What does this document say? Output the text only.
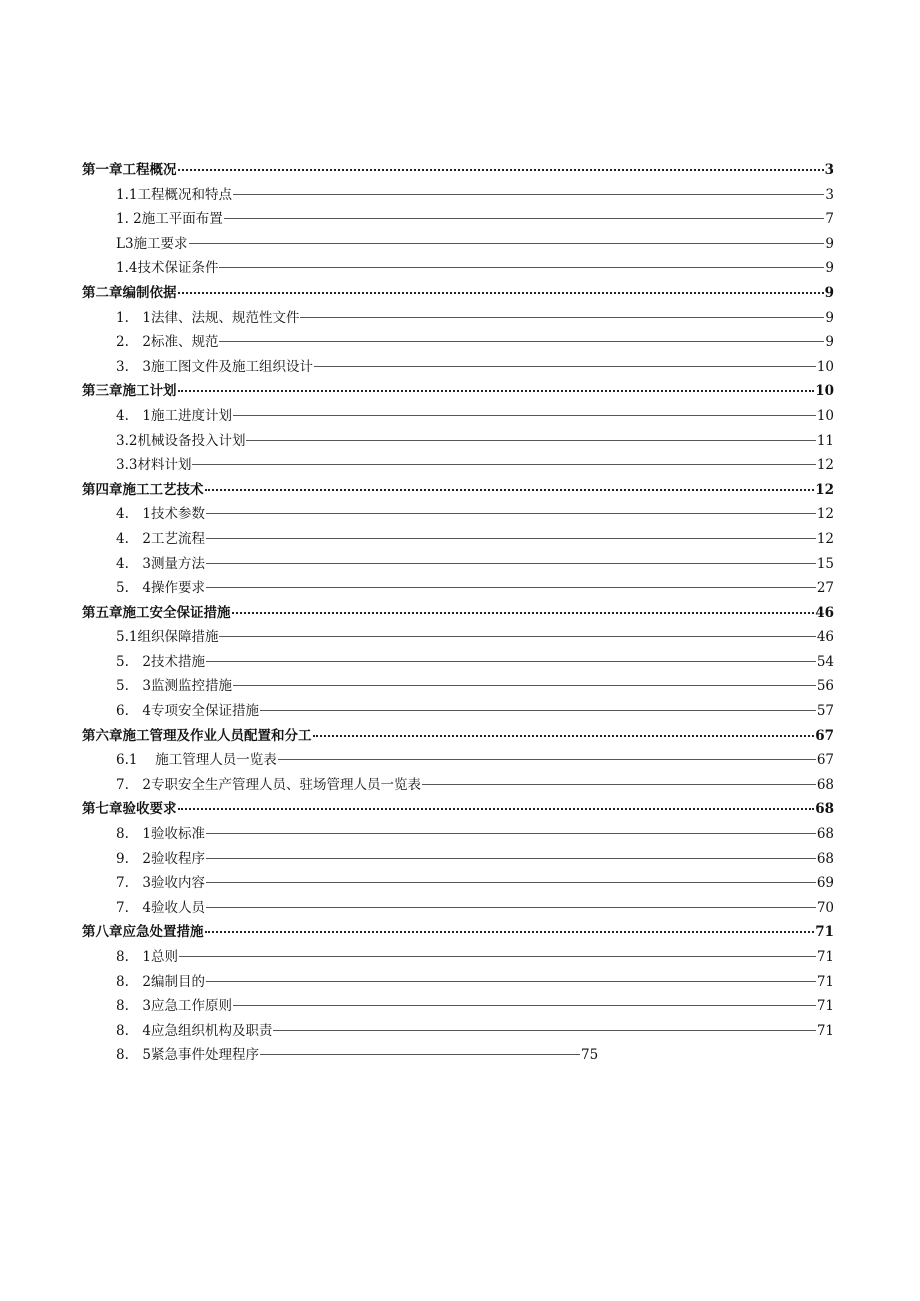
第一章工程概况	3
1.1工程概况和特点	3
1. 2施工平面布置	7
L3施工要求	9
1.4技术保证条件	9
第二章编制依据	9
1.　1法律、法规、规范性文件	9
2.　2标准、规范	9
3.　3施工图文件及施工组织设计	10
第三章施工计划	10
4.　1施工进度计划	10
3.2机械设备投入计划	11
3.3材料计划	12
第四章施工工艺技术	12
4.　1技术参数	12
4.　2工艺流程	12
4.　3测量方法	15
5.　4操作要求	27
第五章施工安全保证措施	46
5.1组织保障措施	46
5.　2技术措施	54
5.　3监测监控措施	56
6.　4专项安全保证措施	57
第六章施工管理及作业人员配置和分工	67
6.1　 施工管理人员一览表	67
7.　2专职安全生产管理人员、驻场管理人员一览表	68
第七章验收要求	68
8.　1验收标准	68
9.　2验收程序	68
7.　3验收内容	69
7.　4验收人员	70
第八章应急处置措施	71
8.　1总则	71
8.　2编制目的	71
8.　3应急工作原则	71
8.　4应急组织机构及职责	71
8.　5紧急事件处理程序	75
